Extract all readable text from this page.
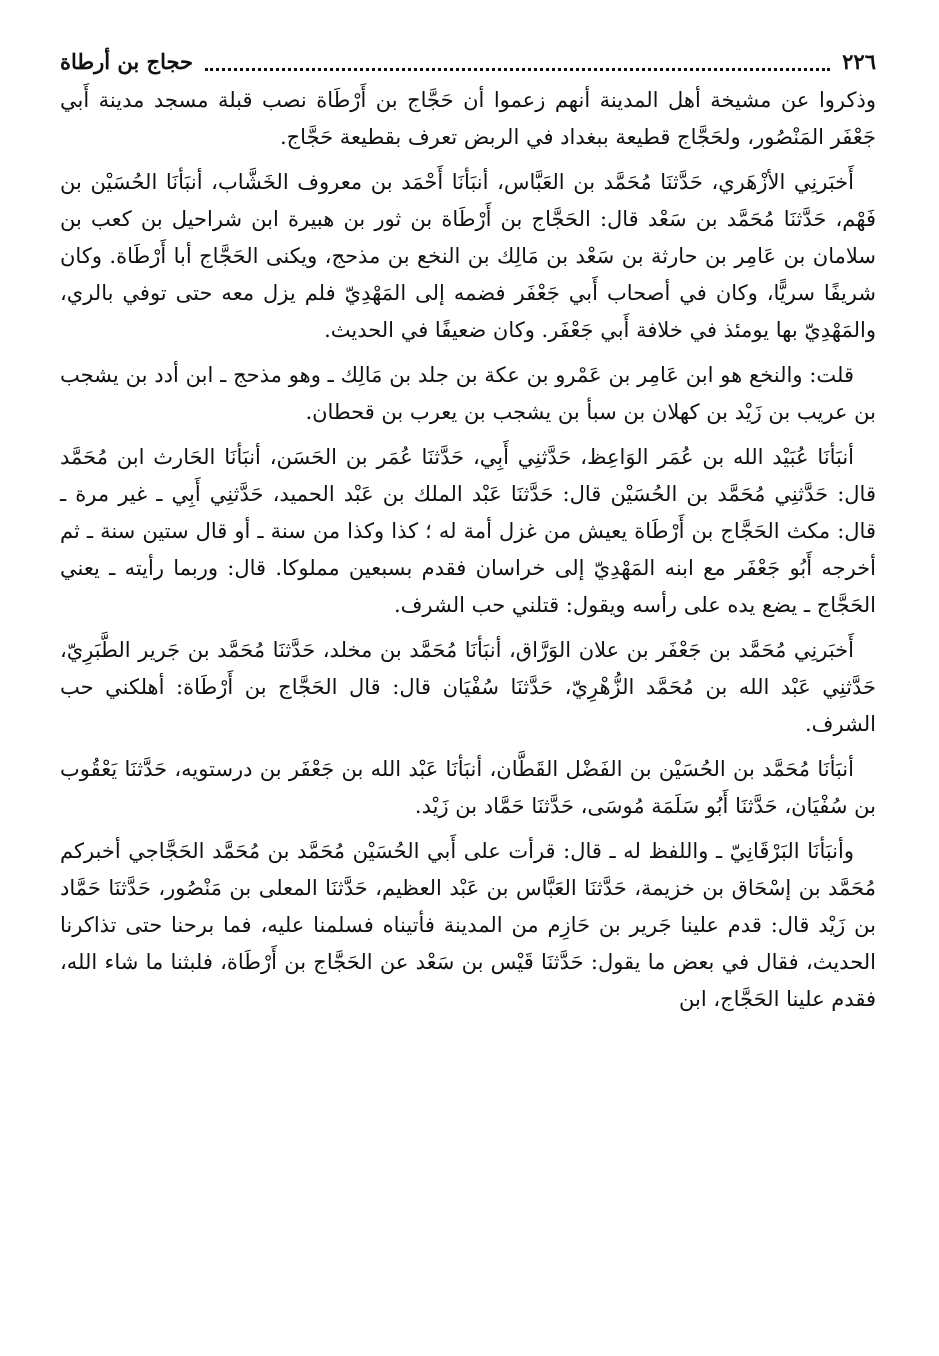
٢٢٦
حجاج بن أرطاة

وذكروا عن مشيخة أهل المدينة أنهم زعموا أن حَجَّاج بن أَرْطَاة نصب قبلة مسجد مدينة أَبي جَعْفَر المَنْصُور، ولحَجَّاج قطيعة ببغداد في الربض تعرف بقطيعة حَجَّاج.

أَخبَرنِي الأزْهَري، حَدَّثنَا مُحَمَّد بن العَبَّاس، أنبَأنَا أَحْمَد بن معروف الخَشَّاب، أنبَأنَا الحُسَيْن بن فَهْم، حَدَّثنَا مُحَمَّد بن سَعْد قال: الحَجَّاج بن أَرْطَاة بن ثور بن هبيرة ابن شراحيل بن كعب بن سلامان بن عَامِر بن حارثة بن سَعْد بن مَالِك بن النخع بن مذحج، ويكنى الحَجَّاج أبا أَرْطَاة. وكان شريفًا سريًّا، وكان في أصحاب أَبي جَعْفَر فضمه إلى المَهْدِيّ فلم يزل معه حتى توفي بالري، والمَهْدِيّ بها يومئذ في خلافة أَبي جَعْفَر. وكان ضعيفًا في الحديث.

قلت: والنخع هو ابن عَامِر بن عَمْرو بن عكة بن جلد بن مَالِك ـ وهو مذحج ـ ابن أدد بن يشجب بن عريب بن زَيْد بن كهلان بن سبأ بن يشجب بن يعرب بن قحطان.

أنبَأنَا عُبَيْد الله بن عُمَر الوَاعِظ، حَدَّثنِي أَبِي، حَدَّثنَا عُمَر بن الحَسَن، أنبَأنَا الحَارث ابن مُحَمَّد قال: حَدَّثنِي مُحَمَّد بن الحُسَيْن قال: حَدَّثنَا عَبْد الملك بن عَبْد الحميد، حَدَّثنِي أَبِي ـ غير مرة ـ قال: مكث الحَجَّاج بن أَرْطَاة يعيش من غزل أمة له ؛ كذا وكذا من سنة ـ أو قال ستين سنة ـ ثم أخرجه أَبُو جَعْفَر مع ابنه المَهْدِيّ إلى خراسان فقدم بسبعين مملوكا. قال: وربما رأيته ـ يعني الحَجَّاج ـ يضع يده على رأسه ويقول: قتلني حب الشرف.

أَخبَرنِي مُحَمَّد بن جَعْفَر بن علان الوَرَّاق، أنبَأنَا مُحَمَّد بن مخلد، حَدَّثنَا مُحَمَّد بن جَرير الطَّبَرِيّ، حَدَّثنِي عَبْد الله بن مُحَمَّد الزُّهْرِيّ، حَدَّثنَا سُفْيَان قال: قال الحَجَّاج بن أَرْطَاة: أهلكني حب الشرف.

أنبَأنَا مُحَمَّد بن الحُسَيْن بن الفَضْل القَطَّان، أنبَأنَا عَبْد الله بن جَعْفَر بن درستويه، حَدَّثنَا يَعْقُوب بن سُفْيَان، حَدَّثنَا أَبُو سَلَمَة مُوسَى، حَدَّثنَا حَمَّاد بن زَيْد.

وأنبَأنَا البَرْقَانِيّ ـ واللفظ له ـ قال: قرأت على أَبي الحُسَيْن مُحَمَّد بن مُحَمَّد الحَجَّاجي أخبركم مُحَمَّد بن إسْحَاق بن خزيمة، حَدَّثنَا العَبَّاس بن عَبْد العظيم، حَدَّثنَا المعلى بن مَنْصُور، حَدَّثنَا حَمَّاد بن زَيْد قال: قدم علينا جَرير بن حَازِم من المدينة فأتيناه فسلمنا عليه، فما برحنا حتى تذاكرنا الحديث، فقال في بعض ما يقول: حَدَّثنَا قَيْس بن سَعْد عن الحَجَّاج بن أَرْطَاة، فلبثنا ما شاء الله، فقدم علينا الحَجَّاج، ابن
